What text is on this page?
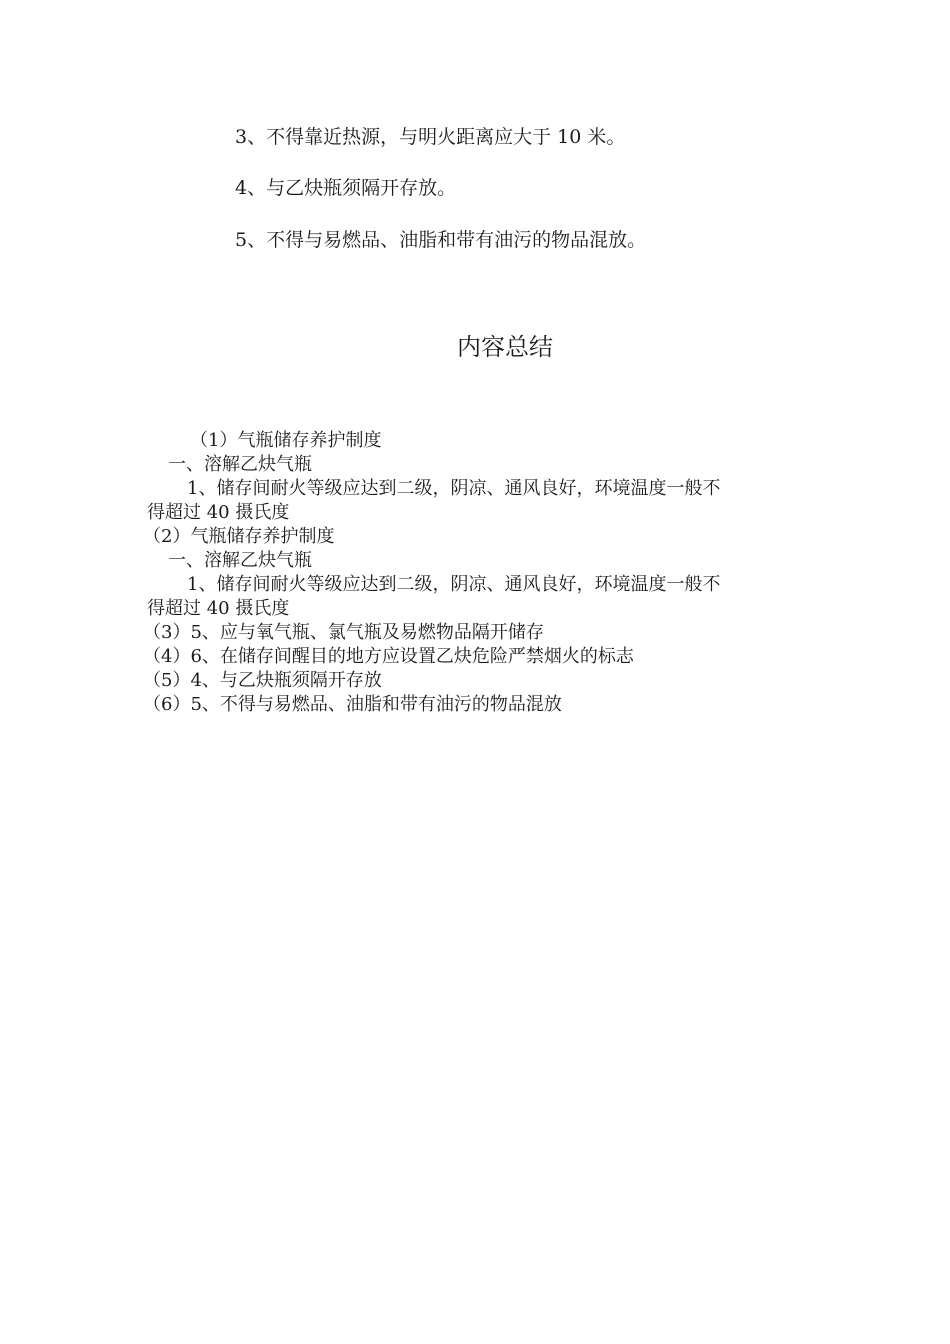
3、不得靠近热源，与明火距离应大于 10 米。
4、与乙炔瓶须隔开存放。
5、不得与易燃品、油脂和带有油污的物品混放。
内容总结
（1）气瓶储存养护制度
一、溶解乙炔气瓶
1、储存间耐火等级应达到二级，阴凉、通风良好，环境温度一般不
得超过 40 摄氏度
（2）气瓶储存养护制度
一、溶解乙炔气瓶
1、储存间耐火等级应达到二级，阴凉、通风良好，环境温度一般不
得超过 40 摄氏度
（3）5、应与氧气瓶、氯气瓶及易燃物品隔开储存
（4）6、在储存间醒目的地方应设置乙炔危险严禁烟火的标志
（5）4、与乙炔瓶须隔开存放
（6）5、不得与易燃品、油脂和带有油污的物品混放
